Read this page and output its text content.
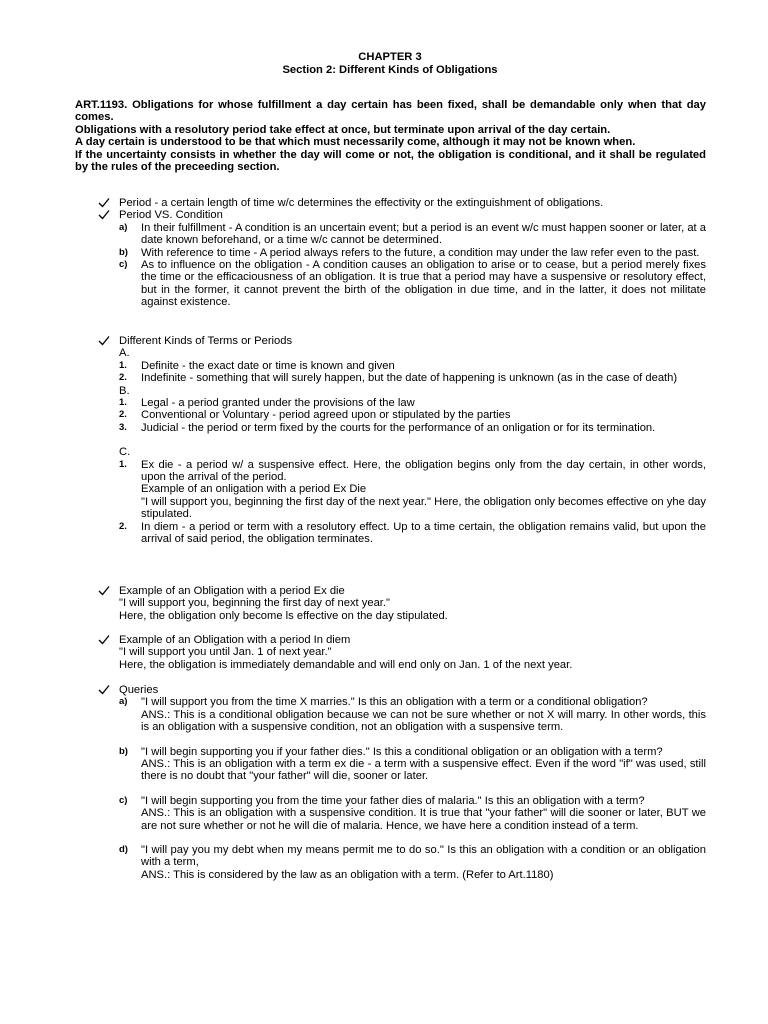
CHAPTER 3
Section 2: Different Kinds of Obligations

ART.1193. Obligations for whose fulfillment a day certain has been fixed, shall be demandable only when that day comes.

Obligations with a resolutory period take effect at once, but terminate upon arrival of the day certain.

A day certain is understood to be that which must necessarily come, although it may not be known when.

If the uncertainty consists in whether the day will come or not, the obligation is conditional, and it shall be regulated by the rules of the preceeding section.

Period - a certain length of time w/c determines the effectivity or the extinguishment of obligations.
Period VS. Condition
a) In their fulfillment - A condition is an uncertain event; but a period is an event w/c must happen sooner or later, at a date known beforehand, or a time w/c cannot be determined.
b) With reference to time - A period always refers to the future, a condition may under the law refer even to the past.
c) As to influence on the obligation - A condition causes an obligation to arise or to cease, but a period merely fixes the time or the efficaciousness of an obligation. It is true that a period may have a suspensive or resolutory effect, but in the former, it cannot prevent the birth of the obligation in due time, and in the latter, it does not militate against existence.
Different Kinds of Terms or Periods
A.
1. Definite - the exact date or time is known and given
2. Indefinite - something that will surely happen, but the date of happening is unknown (as in the case of death)
B.
1. Legal - a period granted under the provisions of the law
2. Conventional or Voluntary - period agreed upon or stipulated by the parties
3. Judicial - the period or term fixed by the courts for the performance of an onligation or for its termination.
C.
1. Ex die - a period w/ a suspensive effect. Here, the obligation begins only from the day certain, in other words, upon the arrival of the period.
Example of an onligation with a period Ex Die
"I will support you, beginning the first day of the next year." Here, the obligation only becomes effective on yhe day stipulated.
2. In diem - a period or term with a resolutory effect. Up to a time certain, the obligation remains valid, but upon the arrival of said period, the obligation terminates.
Example of an Obligation with a period Ex die
"I will support you, beginning the first day of next year."
Here, the obligation only become ls effective on the day stipulated.
Example of an Obligation with a period In diem
"I will support you until Jan. 1 of next year."
Here, the obligation is immediately demandable and will end only on Jan. 1 of the next year.
Queries
a) "I will support you from the time X marries." Is this an obligation with a term or a conditional obligation?
ANS.: This is a conditional obligation because we can not be sure whether or not X will marry. In other words, this is an obligation with a suspensive condition, not an obligation with a suspensive term.
b) "I will begin supporting you if your father dies." Is this a conditional obligation or an obligation with a term?
ANS.: This is an obligation with a term ex die - a term with a suspensive effect. Even if the word "if" was used, still there is no doubt that "your father" will die, sooner or later.
c) "I will begin supporting you from the time your father dies of malaria." Is this an obligation with a term?
ANS.: This is an obligation with a suspensive condition. It is true that "your father" will die sooner or later, BUT we are not sure whether or not he will die of malaria. Hence, we have here a condition instead of a term.
d) "I will pay you my debt when my means permit me to do so." Is this an obligation with a condition or an obligation with a term,
ANS.: This is considered by the law as an obligation with a term. (Refer to Art.1180)
